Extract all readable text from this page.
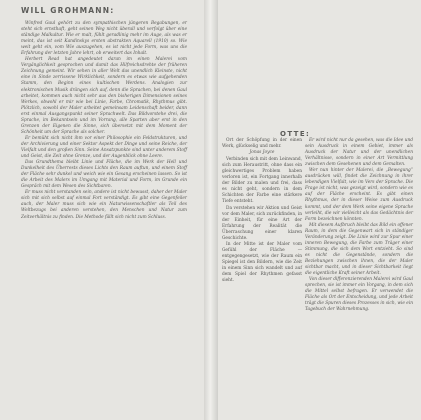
WILL GROHMANN:

Winfred Gaul gehört zu den sympathischen jüngeren Begabungen, er steht sich ernsthaft, geht seinen Weg nicht überall und verfolgt über eine ständige Malkultur. Wie er malt, fühlt geradlinig mehr im Auge, als was er meint, das ist seit Kandinskys ersten abstrakten Aquarell (1910) so. Wie weit geht ein, vom Wie auszugehen, es ist nicht jede Form, was uns die Erfahrung der letzten Jahre lehrt, ob erweitert das Inhalt.

Herbert Read hat angedeutet daran im einen Malerei vom Vergänglichkeit gesprochen und damit das Hilfreichsdrehte der früheren Zeichnung gemeint. Wir sehen in aller Welt das unendlich Kleinste, nicht eine in Sinde zerrissene Wirklichkeit, sondern es etwas wie aufgehenden Stamm, den Beginn eines kultischen Werdens. Analogien zur elektronischen Musik drängen sich auf, denn die Sprachen, bei denen Gaul arbeitet, kommen auch nicht sehr aus den bisherigen Dimensionen seines Werkes, obwohl er mir wie bei Linie, Farbe, Chromatik, Rhythmus gibt. Plötzlich, sowohl der Maler arbeitet gemeinsam Leidenschaft beider, dann erst einmal Ausgangspunkt seiner Sprachwelt. Das Bildvorstehe drei, die Sprache, im Bekanntsein und im Vorrang, alle Sparten aber erst in den Grenzen der Eigenen die Sinne, sich übersetzt mit dem Moment der Schönheit um der Sprache als solcher.

Er bemüht sich nicht ihm vor einer Philosophie ein Feldstrukturen, und der Archivierung und einer Sektor Aspekt der Dinge und seine Reiche, der Vielfalt und den großen Sinn. Seine Ansatzpunkte sind unter anderem Stoff und Geist, die Zeit ohne Grenze, und der Augenblick ohne Leere.

Das Grundthema bleibt Linie und Fläche, die im Werk der Hell und Dunkelheit des Überrests dieses Lichts den Raum auftun, und einem Stoff der Fläche sehr dunkel und weich wie ein Gesang erscheinen lassen. So ist die Arbeit des Malers im Umgang mit Material und Form, im Grunde ein Gespräch mit dem Wesen des Sichtbaren.

Er muss nicht verstanden sein, andere ist nicht bewusst, daher der Maler sich mit sich selbst auf einmal Fort verständigt. Es gibt eine Gegenfeiler auch, der Maler muss sich wie ein Naturwissenschaftler als Teil des Weltbezugs bei anderen verstehen, den Menschen und Natur zum Zeitverhältnis zu finden. Die Methode fällt sich nicht zum Schluss.

OTTE:

Ort der Schöpfung in der einen Werk, glückselig und mehr.

Jonas Joyce

Verbinden sich mit dem Leinwand, sich zum Heraustritt, ohne dass ein gleichwertiges Problem haben verloren ist, ein Fortgang innerhalb der Bilder zu malen und frei, dass es nicht geht, sondern in dem Schichten der Farbe eine stärkere Tiefe entsteht.

Da verstehen wir Aktion und Geist vor dem Maler, sich zurückfinden, in der Einheit, für eine Art der Erfahrung der Realität die Überraschung einer klaren Geschichte.

In der Mitte ist der Maler vom Gefühl der Fläche — entgegengesetzt, wie der Raum ein Spiegel ist den Bildern, wie die Zeit in einem Sinn sich wandelt und auf dem Spiel der Rhythmen gefasst sieht.

Er wird nicht nur da gesehen, was die Idee und sein Ausdruck in einem Gebiet, immer als Ausdruck der Natur und der unendlichen Verhältnisse, sondern in einer Art Vermittlung zwischen dem Gesehenen und dem Gemalten.

Wer nun hinter der Malerei, die „Bewegung“ ausdrücken will, findet die Zeichnung in ihrer lebendigen Vielfalt, wie im Vers der Sprache. Die Frage ist nicht, was gezeigt wird, sondern wie es auf der Fläche erscheint. Es gibt einen Rhythmus, der in dieser Weise zum Ausdruck kommt, und der dem Werk seine eigene Sprache verleiht, die wir vielleicht als das Gedächtnis der Form bezeichnen könnten.

Mit diesem Aufbruch bleibt das Bild ein offener Raum, in dem die Gegenwart sich in ständiger Veränderung zeigt. Die Linie wird zur Spur einer inneren Bewegung, die Farbe zum Träger einer Stimmung, die sich dem Wort entzieht. So sind es nicht die Gegenstände, sondern die Beziehungen zwischen ihnen, die der Maler sichtbar macht, und in dieser Sichtbarkeit liegt die eigentliche Kraft seiner Arbeit.

Von dieser differenzierenden Malerei wird Gaul sprechen, sie ist immer ein Vorgang, in dem sich die Mittel selbst befragen. Er verwendet die Fläche als Ort der Entscheidung, und jede Arbeit trägt die Spuren dieses Prozesses in sich, wie ein Tagebuch der Wahrnehmung.
